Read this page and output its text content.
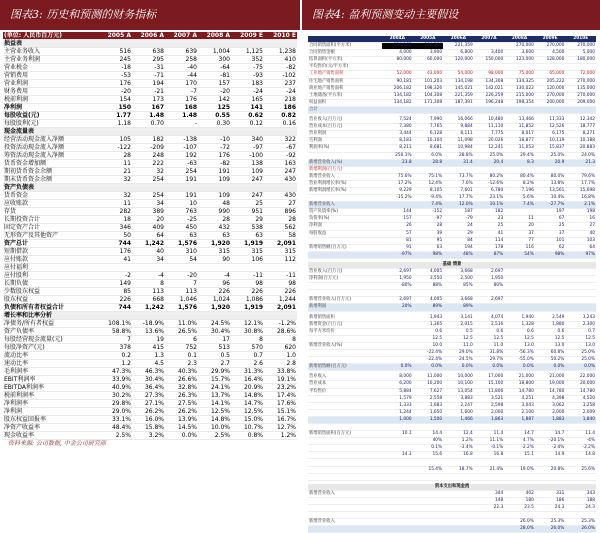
图表3: 历史和预测的财务指标
(单位: 人民币百万元)	2005 A	2006 A	2007 A	2008 A	2009 E	2010 E
损益表						
主营业务收入	516	638	639	1,004	1,125	1,238
主营业务利润	245	295	258	300	352	410
营业税金	-18	-31	-40	-64	-75	-82
营销费用	-53	-71	-44	-81	-93	-102
营业利润	176	194	170	157	183	237
财务费用	-20	-21	-7	-20	-24	-24
税前利润	154	173	176	142	165	218
净利润	150	167	168	125	141	186
每股收益(元)	1.77	1.48	1.48	0.55	0.62	0.82
每股股利(元)	1.18	0.70	-	0.30	0.12	0.16
现金流量表						
经营活动现金流入净额	105	182	-138	-10	340	322
投资活动现金流入净额	-122	-209	-107	-72	-97	-67
筹资活动现金流入净额	28	248	192	176	-100	-92
货币资金增加额	11	222	-63	-82	138	163
期初货币资金余额	21	32	254	191	109	247
期末货币资金余额	32	254	191	109	247	430
资产负债表						
货币资金	32	254	191	109	247	430
应收账款	11	34	10	48	25	27
存货	282	389	763	990	951	896
长期投资合计	18	20	-25	28	29	28
固定资产合计	346	409	450	432	538	562
无形资产及其他资产	50	64	63	63	63	58
资产总计	744	1,242	1,576	1,920	1,919	2,091
短期借款	176	40	310	315	315	315
应付账款	41	34	54	90	106	112
应付福利						
应付股利	-2	-4	-20	-4	-11	-11
长期负债	149	8	7	96	98	98
少数股东权益	85	113	113	226	226	226
股东权益	226	668	1,046	1,024	1,086	1,244
负债和所有者权益合计	744	1,242	1,576	1,920	1,919	2,091
增长率和比率分析						
净债务/所有者权益	108.1%	-18.9%	11.0%	24.5%	12.1%	-1.2%
资产负债率	58.8%	13.6%	26.5%	30.4%	30.8%	28.6%
每股经营现金流量(元)	7	19	6	17	8	8
每股净资产(元)	378	415	752	513	570	620
流动比率	0.2	1.3	0.1	0.5	0.7	1.0
速动比率	1.2	4.5	2.3	2.7	2.6	2.8
毛利润率	47.3%	46.3%	40.3%	29.9%	31.3%	33.8%
EBIT利润率	33.9%	30.4%	26.6%	15.7%	16.4%	19.1%
EBITDA利润率	40.9%	36.4%	32.8%	24.1%	20.9%	23.2%
税前利润率	30.2%	27.3%	26.3%	13.7%	14.8%	17.4%
净利润率	29.8%	27.1%	27.5%	14.1%	14.7%	17.6%
净利润	29.0%	26.2%	26.2%	12.5%	12.5%	15.1%
股东权益回报率	33.1%	16.0%	13.9%	14.8%	15.0%	16.7%
净资产收益率	48.4%	15.8%	14.5%	10.0%	10.7%	12.7%
现金收益率	2.5%	3.2%	0.0%	2.5%	0.8%	1.2%
资料来源: 公司数据, 中金公司研究部
图表4: 盈利预测变动主要假设
	2004A	2005A	2006A	2007A	2008A	2009E	2010E
合同销售面积(平方米)	134,182	104,308	221,359		270,000	270,000	270,000
合同销售金额	4,000	3,900	6,800	3,400	3,600	4,500	5,000
结算面积(平方米)	80,000	60,000	120,000	150,000	123,000	128,000	180,000
平均售价(元/平方米)							
工业地产销售面积	52,000	43,000	54,000	98,000	75,000	65,000	72,000
住宅地产销售面积	90,181	101,203	134,198	134,308	134,325	205,222	270,000
商业地产销售面积	206,182	198,326	145,021	142,021	130,022	120,000	135,000
土地储备(平方米)	134,182	104,308	221,359	226,259	215,000	270,000	270,000
权益面积	134,182	171,308	187,391	196,248	198,354	200,000	209,000
合计							
营业收入(百万元)	7,524	7,990	16,066	10,480	13,466	11,333	12,342
营业成本(百万元)	7,380	7,765	9,884	11,110	11,852	12,526	18,777
营业利润	3,444	6,128	8,111	7,775	8,017	6,175	8,271
毛利润	8,183	10,104	11,098	20,026	18,877	10,119	10,188
利润率(%)	8,211	8,681	10,984	12,241	11,053	15,837	20,883
	250.1%	6.0%	28.8%	25.0%	29.4%	25.0%	24.0%
新增营业收入(%)	23.8	28.8	31.4	20.4	8.3	20.9	21.3
新增利润(百万元)							
新增营业收入	75.6%	75.1%	73.7%	80.2%	80.4%	80.0%	79.6%
营业利润增长率(%)	17.2%	12.4%	7.6%	-12.6%	8.2%	13.8%	17.7%
新增利润增长率(%)	9,229	8,105	7,601	6,780	7,196	13,561	15,698
	-15.2%	-9.4%	17.7%	23.1%	5.6%	10.4%	16.8%
新增营业收入		7.4%	12.0%	10.1%	7.4%	-27.7%	2.1%
资产负债率(%)	144	-152	187	182		197	198
负债率(%)	157	-97	-79	23	11	67	16
净利润	26	28	24	25	20	25	27
每股收益	57	39	29	41	37	37	40
	81	95	84	114	77	101	103
新增销售额(百万元)	91	63	194	178	116	62	64
	-97%	98%	48%	87%	54%	98%	97%
基础 情景							
营业收入(百万元)	2,697	4,005	3,668	2,697			
净利润(百万元)	1,950	3,550	2,500	1,950			
	-80%	88%	85%	80%			

新增营业收入(百万元)	2,697	4,005	3,668	2,697			
新增利润	20%	89%	89%				
新增销售面积		1,943	3,141	4,074	1,940	2,549	3,243
新增资金(百万元)		1,365	2,015	2,516	1,328	1,880	2,300
每平方米均价		0.6	0.5	0.6	0.6	0.6	0.7
		12.5	12.5	12.5	12.5	12.5	12.5
新增营业收入(%)		10.0	11.0	11.0	13.0	13.0	13.0
		-22.4%	29.0%	31.8%	-56.3%	60.8%	25.0%
		-22.4%	24.5%	29.7%	-55.0%	50.2%	25.0%
新增销售额(百万元)	0.0%	0.0%	0.0%	0.0%	0.0%	0.0%	0.0%
营业收入	8,000	11,000	10,000	17,000	21,000	21,000	22,000
营业成本	6,200	10,200	10,100	15,100	18,800	19,000	20,000
平均售价	5,884	7,627	13,054	11,806	14,780	14,780	14,780
	1,579	2,558	3,883	3,521	4,251	4,398	4,520
	1,333	1,683	2,247	2,598	3,043	3,062	3,258
	1,244	1,650	1,600	2,000	2,100	2,000	2,009
	1,000	1,500	1,466	1,863	1,887	1,883	1,840

新增销售面积(百万元)	10.1	14.4	12.4	11.4	14.7	14.7	11.4
		40%	1.2%	11.1%	4.7%	-20.1%	-4%
		0.1%	-3.4%	-0.1%	-2.2%	-2.4%	-2.2%
	14.3	15.6	16.8	16.8	15.1	14.9	14.8

		15.4%	18.7%	21.4%	19.0%	20.8%	25.6%

资本支出和现金流							
新增营业收入				344	402	331	343
				148	180	186	188
				22.3	23.5	24.3	24.3

新增营业收入					26.0%	25.3%	25.3%
					28.0%	26.0%	26.0%
